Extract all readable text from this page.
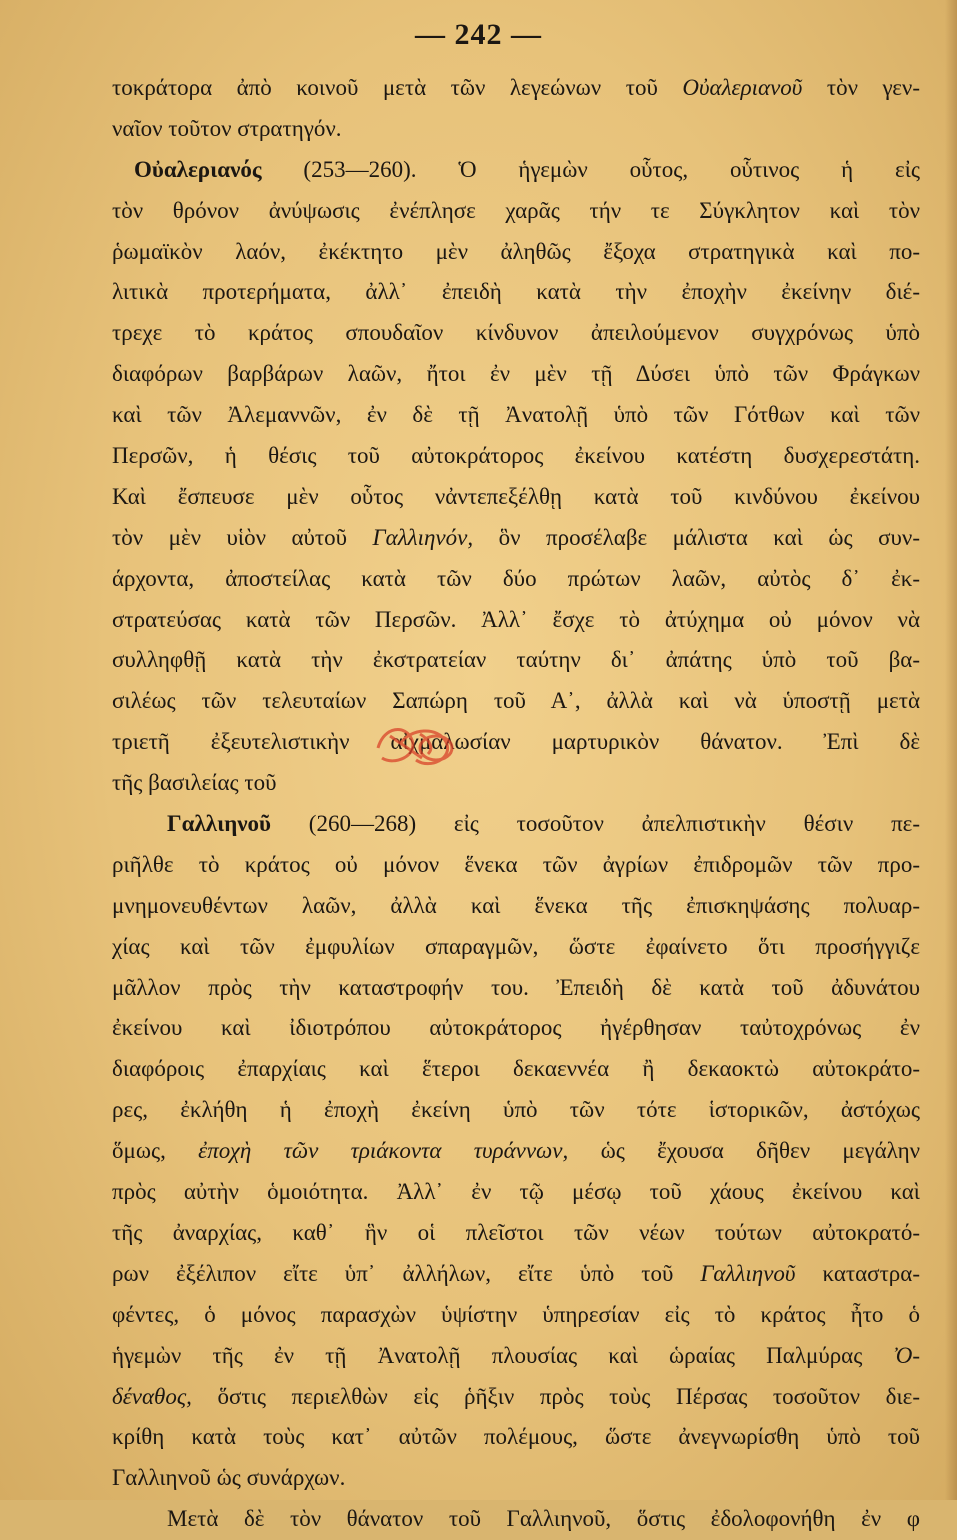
— 242 —
τοκράτορα ἀπὸ κοινοῦ μετὰ τῶν λεγεώνων τοῦ Οὐαλεριανοῦ τὸν γεν-
ναῖον τοῦτον στρατηγόν.
Οὐαλεριανός (253—260). Ὁ ἡγεμὼν οὗτος, οὗτινος ἡ εἰς
τὸν θρόνον ἀνύψωσις ἐνέπλησε χαρᾶς τήν τε Σύγκλητον καὶ τὸν
ῥωμαϊκὸν λαόν, ἐκέκτητο μὲν ἀληθῶς ἔξοχα στρατηγικὰ καὶ πο-
λιτικὰ προτερήματα, ἀλλ᾽ ἐπειδὴ κατὰ τὴν ἐποχὴν ἐκείνην διέ-
τρεχε τὸ κράτος σπουδαῖον κίνδυνον ἀπειλούμενον συγχρόνως ὑπὸ
διαφόρων βαρβάρων λαῶν, ἤτοι ἐν μὲν τῇ Δύσει ὑπὸ τῶν Φράγκων
καὶ τῶν Ἀλεμαννῶν, ἐν δὲ τῇ Ἀνατολῇ ὑπὸ τῶν Γότθων καὶ τῶν
Περσῶν, ἡ θέσις τοῦ αὐτοκράτορος ἐκείνου κατέστη δυσχερεστάτη.
Καὶ ἔσπευσε μὲν οὗτος νἀντεπεξέλθῃ κατὰ τοῦ κινδύνου ἐκείνου
τὸν μὲν υἱὸν αὐτοῦ Γαλλιηνόν, ὃν προσέλαβε μάλιστα καὶ ὡς συν-
άρχοντα, ἀποστείλας κατὰ τῶν δύο πρώτων λαῶν, αὐτὸς δ᾽ ἐκ-
στρατεύσας κατὰ τῶν Περσῶν. Ἀλλ᾽ ἔσχε τὸ ἀτύχημα οὐ μόνον νὰ
συλληφθῇ κατὰ τὴν ἐκστρατείαν ταύτην δι᾽ ἀπάτης ὑπὸ τοῦ βα-
σιλέως τῶν τελευταίων Σαπώρη τοῦ Α᾽, ἀλλὰ καὶ νὰ ὑποστῇ μετὰ
τριετῆ ἐξευτελιστικὴν αἰχμαλωσίαν μαρτυρικὸν θάνατον. Ἐπὶ δὲ
τῆς βασιλείας τοῦ
Γαλλιηνοῦ (260—268) εἰς τοσοῦτον ἀπελπιστικὴν θέσιν πε-
ριῆλθε τὸ κράτος οὐ μόνον ἕνεκα τῶν ἀγρίων ἐπιδρομῶν τῶν προ-
μνημονευθέντων λαῶν, ἀλλὰ καὶ ἕνεκα τῆς ἐπισκηψάσης πολυαρ-
χίας καὶ τῶν ἐμφυλίων σπαραγμῶν, ὥστε ἐφαίνετο ὅτι προσήγγιζε
μᾶλλον πρὸς τὴν καταστροφήν του. Ἐπειδὴ δὲ κατὰ τοῦ ἀδυνάτου
ἐκείνου καὶ ἰδιοτρόπου αὐτοκράτορος ἠγέρθησαν ταὐτοχρόνως ἐν
διαφόροις ἐπαρχίαις καὶ ἕτεροι δεκαεννέα ἢ δεκαοκτὼ αὐτοκράτο-
ρες, ἐκλήθη ἡ ἐποχὴ ἐκείνη ὑπὸ τῶν τότε ἱστορικῶν, ἀστόχως
ὅμως, ἐποχὴ τῶν τριάκοντα τυράννων, ὡς ἔχουσα δῆθεν μεγάλην
πρὸς αὐτὴν ὁμοιότητα. Ἀλλ᾽ ἐν τῷ μέσῳ τοῦ χάους ἐκείνου καὶ
τῆς ἀναρχίας, καθ᾽ ἣν οἱ πλεῖστοι τῶν νέων τούτων αὐτοκρατό-
ρων ἐξέλιπον εἴτε ὑπ᾽ ἀλλήλων, εἴτε ὑπὸ τοῦ Γαλλιηνοῦ καταστρα-
φέντες, ὁ μόνος παρασχὼν ὑψίστην ὑπηρεσίαν εἰς τὸ κράτος ἦτο ὁ
ἡγεμὼν τῆς ἐν τῇ Ἀνατολῇ πλουσίας καὶ ὡραίας Παλμύρας Ὀ-
δέναθος, ὅστις περιελθὼν εἰς ῥῆξιν πρὸς τοὺς Πέρσας τοσοῦτον διε-
κρίθη κατὰ τοὺς κατ᾽ αὐτῶν πολέμους, ὥστε ἀνεγνωρίσθη ὑπὸ τοῦ
Γαλλιηνοῦ ὡς συνάρχων.
Μετὰ δὲ τὸν θάνατον τοῦ Γαλλιηνοῦ, ὅστις ἐδολοφονήθη ἐν φ
